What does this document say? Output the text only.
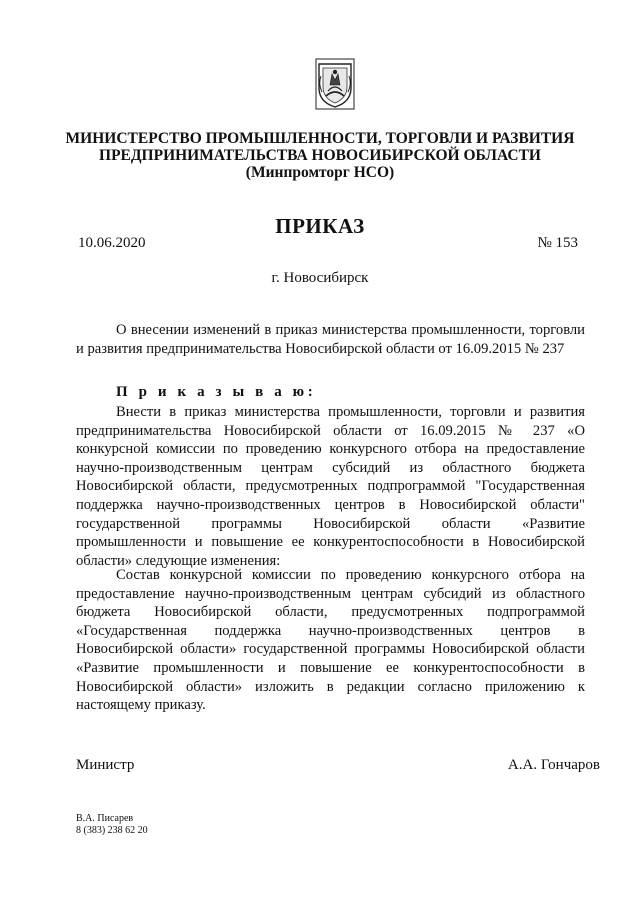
МИНИСТЕРСТВО ПРОМЫШЛЕННОСТИ, ТОРГОВЛИ И РАЗВИТИЯ
ПРЕДПРИНИМАТЕЛЬСТВА НОВОСИБИРСКОЙ ОБЛАСТИ
(Минпромторг НСО)
ПРИКАЗ
10.06.2020	№ 153
г. Новосибирск

О внесении изменений в приказ министерства промышленности, торговли и развития предпринимательства Новосибирской области от 16.09.2015 № 237

П р и к а з ы в а ю:

Внести в приказ министерства промышленности, торговли и развития предпринимательства Новосибирской области от 16.09.2015 № 237 «О конкурсной комиссии по проведению конкурсного отбора на предоставление научно-производственным центрам субсидий из областного бюджета Новосибирской области, предусмотренных подпрограммой "Государственная поддержка научно-производственных центров в Новосибирской области" государственной программы Новосибирской области «Развитие промышленности и повышение ее конкурентоспособности в Новосибирской области» следующие изменения:

Состав конкурсной комиссии по проведению конкурсного отбора на предоставление научно-производственным центрам субсидий из областного бюджета Новосибирской области, предусмотренных подпрограммой «Государственная поддержка научно-производственных центров в Новосибирской области» государственной программы Новосибирской области «Развитие промышленности и повышение ее конкурентоспособности в Новосибирской области» изложить в редакции согласно приложению к настоящему приказу.

Министр	А.А. Гончаров
В.А. Писарев
8 (383) 238 62 20
